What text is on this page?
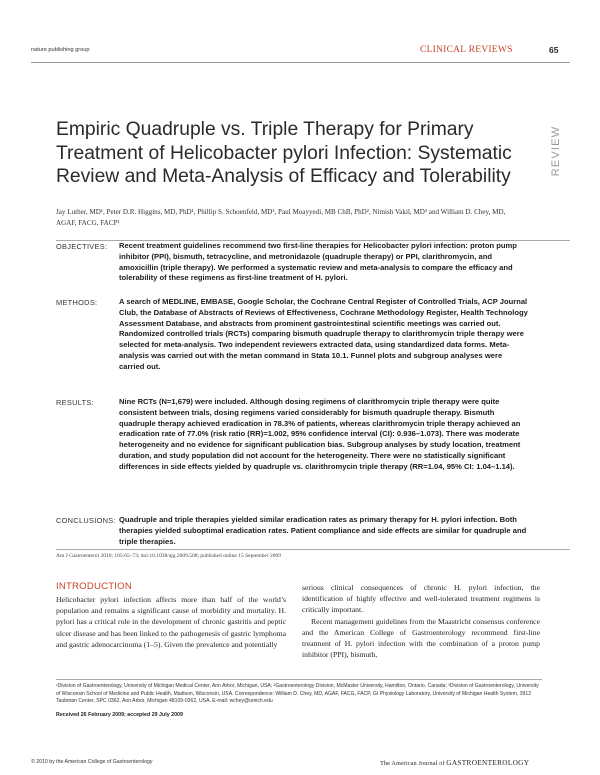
nature publishing group	CLINICAL REVIEWS	65
REVIEW
Empiric Quadruple vs. Triple Therapy for Primary Treatment of Helicobacter pylori Infection: Systematic Review and Meta-Analysis of Efficacy and Tolerability
Jay Luther, MD¹, Peter D.R. Higgins, MD, PhD¹, Phillip S. Schoenfeld, MD¹, Paul Moayyedi, MB ChB, PhD², Nimish Vakil, MD³ and William D. Chey, MD, AGAF, FACG, FACP¹
OBJECTIVES: Recent treatment guidelines recommend two first-line therapies for Helicobacter pylori infection: proton pump inhibitor (PPI), bismuth, tetracycline, and metronidazole (quadruple therapy) or PPI, clarithromycin, and amoxicillin (triple therapy). We performed a systematic review and meta-analysis to compare the efficacy and tolerability of these regimens as first-line treatment of H. pylori.
METHODS:	A search of MEDLINE, EMBASE, Google Scholar, the Cochrane Central Register of Controlled Trials, ACP Journal Club, the Database of Abstracts of Reviews of Effectiveness, Cochrane Methodology Register, Health Technology Assessment Database, and abstracts from prominent gastrointestinal scientific meetings was carried out. Randomized controlled trials (RCTs) comparing bismuth quadruple therapy to clarithromycin triple therapy were selected for meta-analysis. Two independent reviewers extracted data, using standardized data forms. Meta-analysis was carried out with the metan command in Stata 10.1. Funnel plots and subgroup analyses were carried out.
RESULTS:	Nine RCTs (N=1,679) were included. Although dosing regimens of clarithromycin triple therapy were quite consistent between trials, dosing regimens varied considerably for bismuth quadruple therapy. Bismuth quadruple therapy achieved eradication in 78.3% of patients, whereas clarithromycin triple therapy achieved an eradication rate of 77.0% (risk ratio (RR)=1.002, 95% confidence interval (CI): 0.936–1.073). There was moderate heterogeneity and no evidence for significant publication bias. Subgroup analyses by study location, treatment duration, and study population did not account for the heterogeneity. There were no statistically significant differences in side effects yielded by quadruple vs. clarithromycin triple therapy (RR=1.04, 95% CI: 1.04–1.14).
CONCLUSIONS: Quadruple and triple therapies yielded similar eradication rates as primary therapy for H. pylori infection. Both therapies yielded suboptimal eradication rates. Patient compliance and side effects are similar for quadruple and triple therapies.
Am J Gastroenterol 2010; 105:65–73; doi:10.1038/ajg.2009.508; published online 15 September 2009
INTRODUCTION

Helicobacter pylori infection affects more than half of the world’s population and remains a significant cause of morbidity and mortality. H. pylori has a critical role in the development of chronic gastritis and peptic ulcer disease and has been linked to the pathogenesis of gastric lymphoma and gastric adenocarcinoma (1–5). Given the prevalence and potentially

serious clinical consequences of chronic H. pylori infection, the identification of highly effective and well-tolerated treatment regimens is critically important.

Recent management guidelines from the Maastricht consensus conference and the American College of Gastroenterology recommend first-line treatment of H. pylori infection with the combination of a proton pump inhibitor (PPI), bismuth,

¹Division of Gastroenterology, University of Michigan Medical Center, Ann Arbor, Michigan, USA; ²Gastroenterology Division, McMaster University, Hamilton, Ontario, Canada; ³Division of Gastroenterology, University of Wisconsin School of Medicine and Public Health, Madison, Wisconsin, USA. Correspondence: William D. Chey, MD, AGAF, FACG, FACP, GI Physiology Laboratory, University of Michigan Health System, 3912 Taubman Center, SPC 0362, Ann Arbor, Michigan 48109-0362, USA. E-mail: wchey@umich.edu
Received 26 February 2009; accepted 29 July 2009
© 2010 by the American College of Gastroenterology	The American Journal of GASTROENTEROLOGY
